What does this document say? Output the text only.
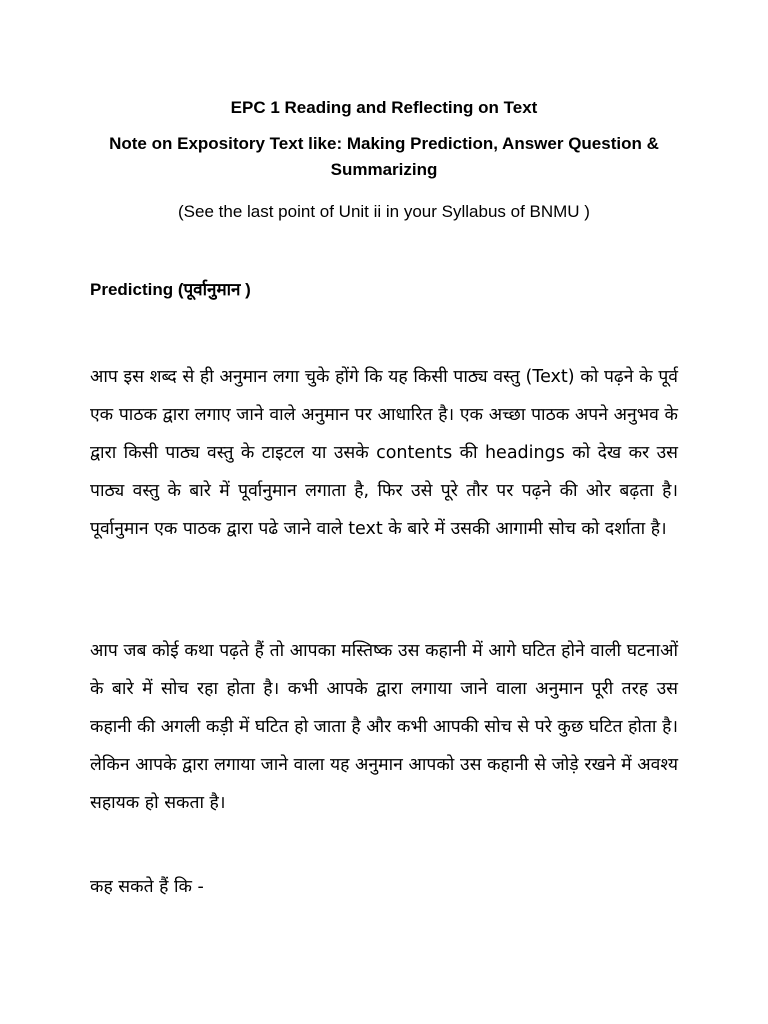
EPC 1 Reading and Reflecting on Text
Note on Expository Text like: Making Prediction, Answer Question & Summarizing
(See the last point of Unit ii in your Syllabus of BNMU )
Predicting (पूर्वानुमान )
आप इस शब्द से ही अनुमान लगा चुके होंगे कि यह किसी पाठ्य वस्तु (Text) को पढ़ने के पूर्व एक पाठक द्वारा लगाए जाने वाले अनुमान पर आधारित है। एक अच्छा पाठक अपने अनुभव के द्वारा किसी पाठ्य वस्तु के टाइटल या उसके contents की headings को देख कर उस पाठ्य वस्तु के बारे में पूर्वानुमान लगाता है, फिर उसे पूरे तौर पर पढ़ने की ओर बढ़ता है। पूर्वानुमान एक पाठक द्वारा पढे जाने वाले text के बारे में उसकी आगामी सोच को दर्शाता है।
आप जब कोई कथा पढ़ते हैं तो आपका मस्तिष्क उस कहानी में आगे घटित होने वाली घटनाओं के बारे में सोच रहा होता है। कभी आपके द्वारा लगाया जाने वाला अनुमान पूरी तरह उस कहानी की अगली कड़ी में घटित हो जाता है और कभी आपकी सोच से परे कुछ घटित होता है। लेकिन आपके द्वारा लगाया जाने वाला यह अनुमान आपको उस कहानी से जोड़े रखने में अवश्य सहायक हो सकता है।
कह सकते हैं कि -
